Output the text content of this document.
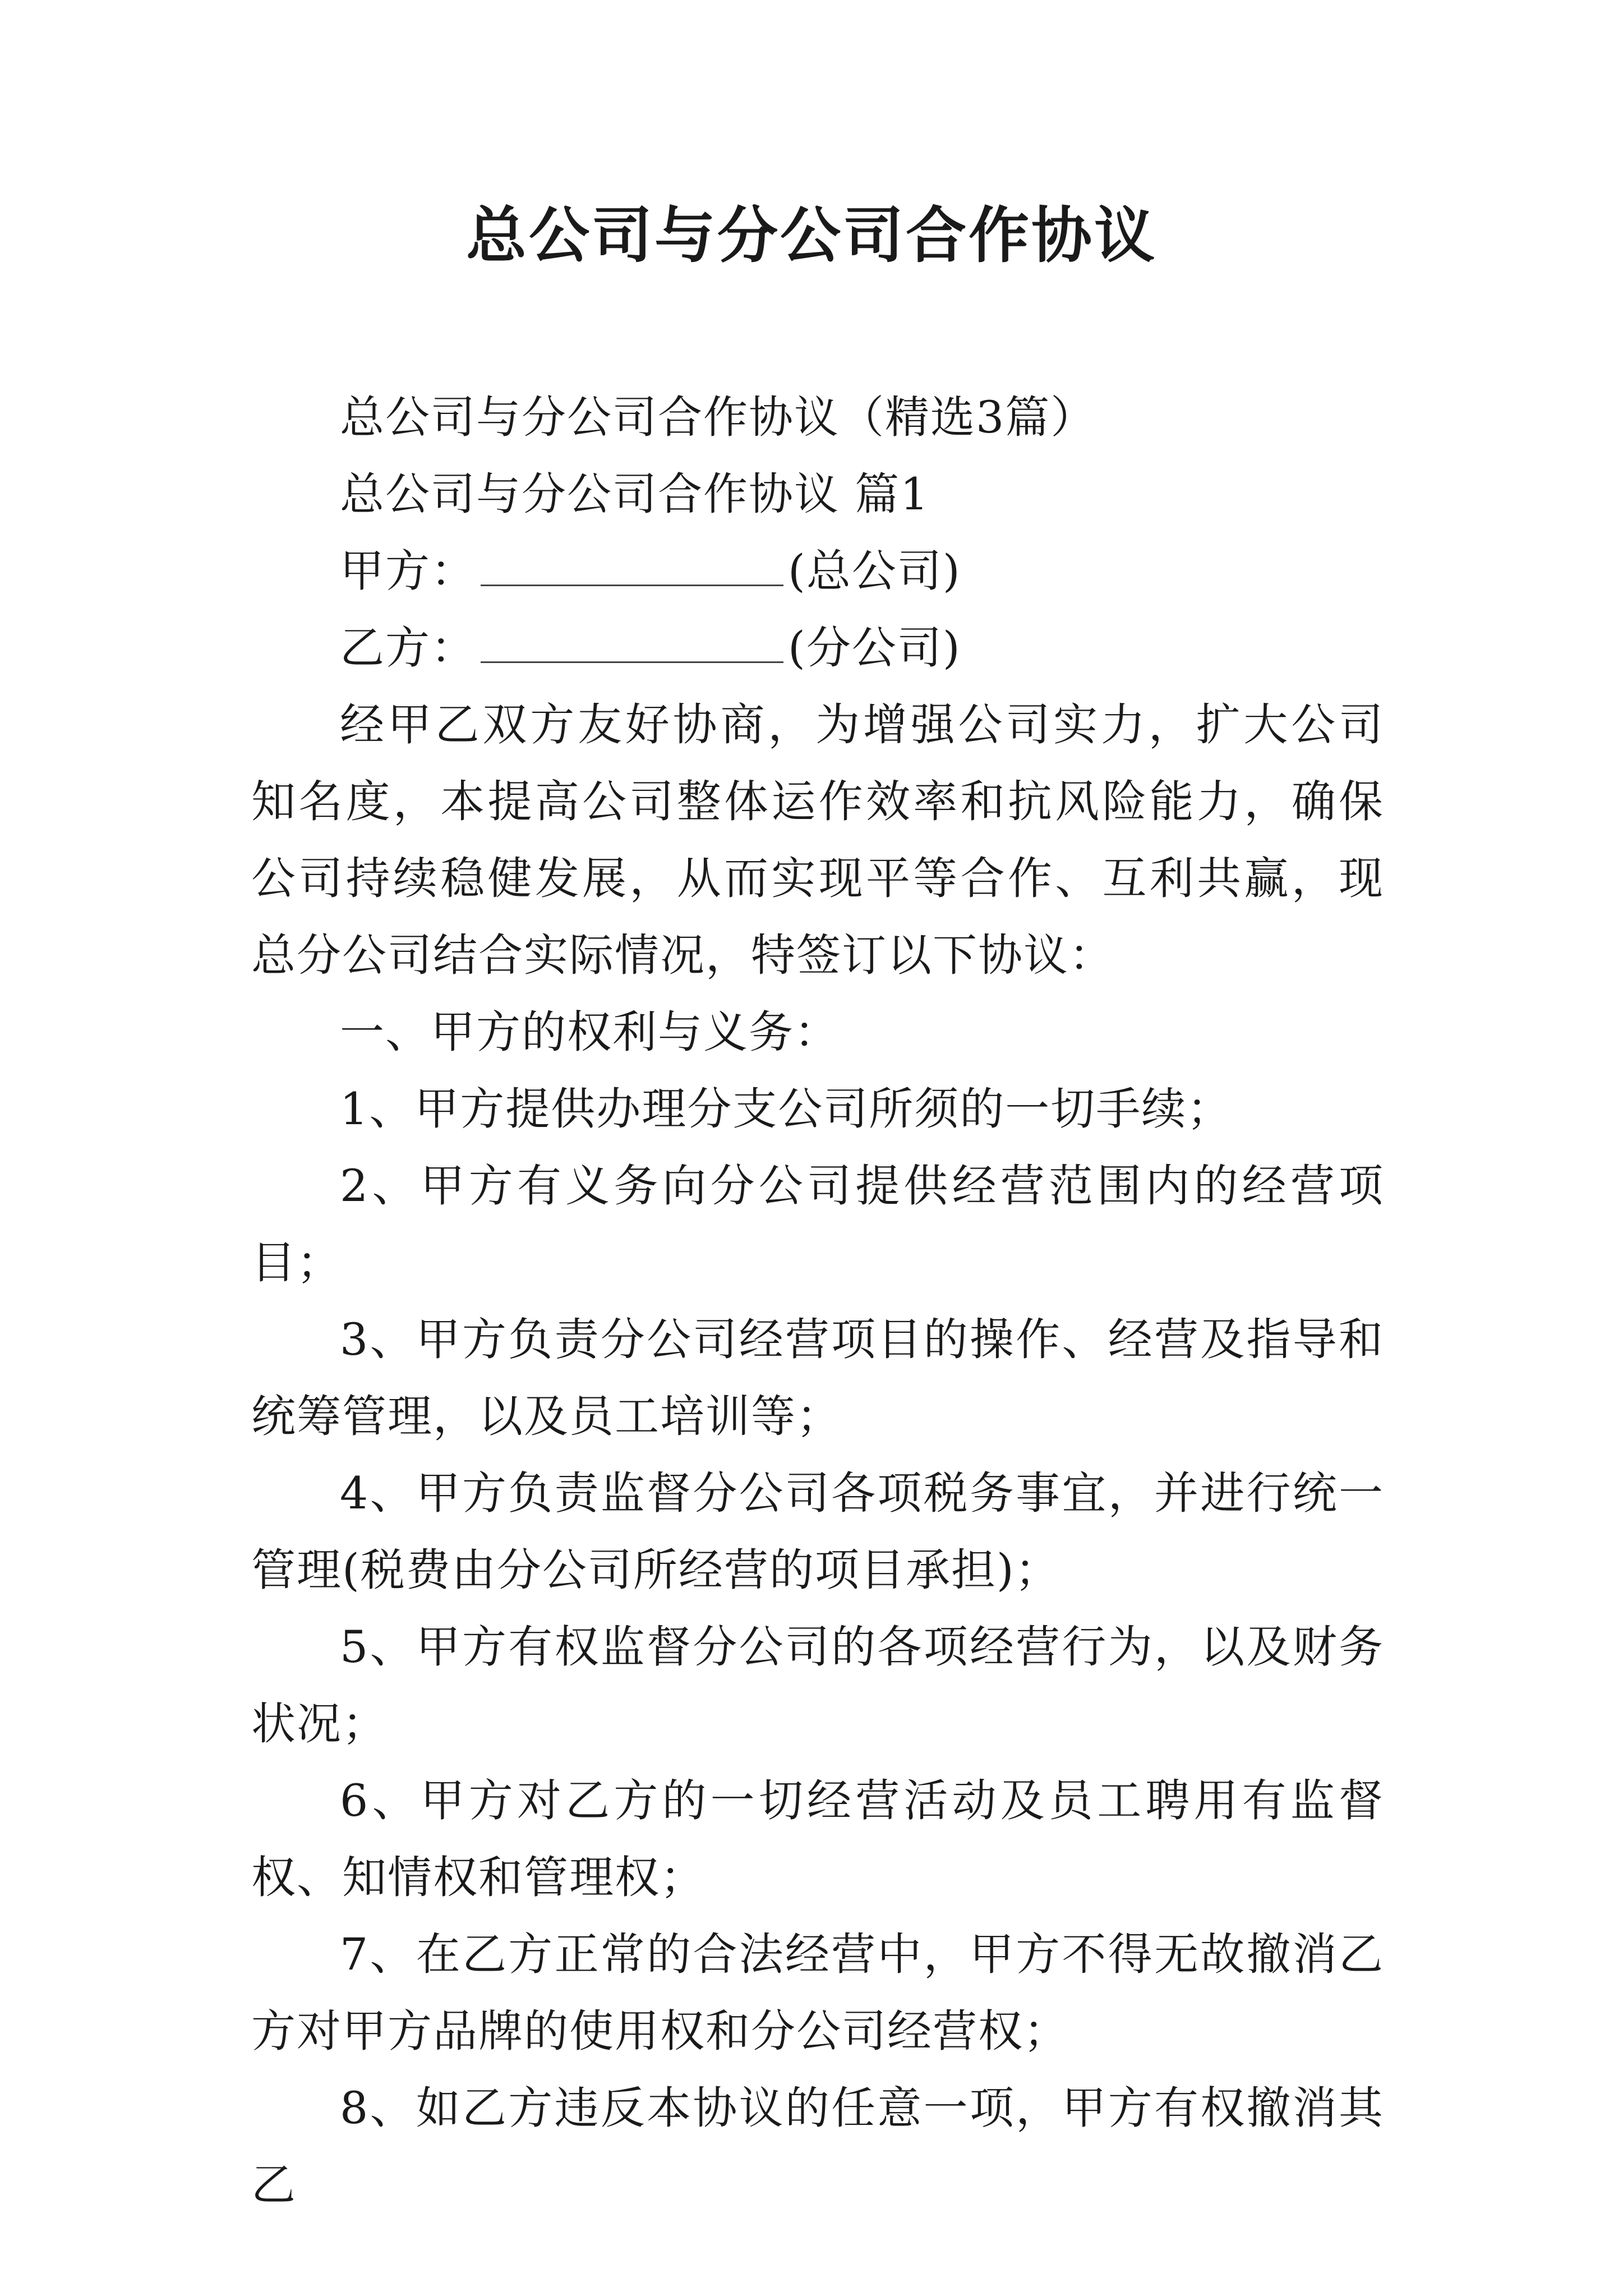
总公司与分公司合作协议

总公司与分公司合作协议（精选3篇）

总公司与分公司合作协议 篇1

甲方：	(总公司)

乙方：	(分公司)

经甲乙双方友好协商，为增强公司实力，扩大公司知名度，本提高公司整体运作效率和抗风险能力，确保公司持续稳健发展，从而实现平等合作、互利共赢，现总分公司结合实际情况，特签订以下协议：

一、甲方的权利与义务：

1、甲方提供办理分支公司所须的一切手续；

2、甲方有义务向分公司提供经营范围内的经营项目；

3、甲方负责分公司经营项目的操作、经营及指导和统筹管理，以及员工培训等；

4、甲方负责监督分公司各项税务事宜，并进行统一管理(税费由分公司所经营的项目承担)；

5、甲方有权监督分公司的各项经营行为，以及财务状况；

6、甲方对乙方的一切经营活动及员工聘用有监督权、知情权和管理权；

7、在乙方正常的合法经营中，甲方不得无故撤消乙方对甲方品牌的使用权和分公司经营权；

8、如乙方违反本协议的任意一项，甲方有权撤消其乙
